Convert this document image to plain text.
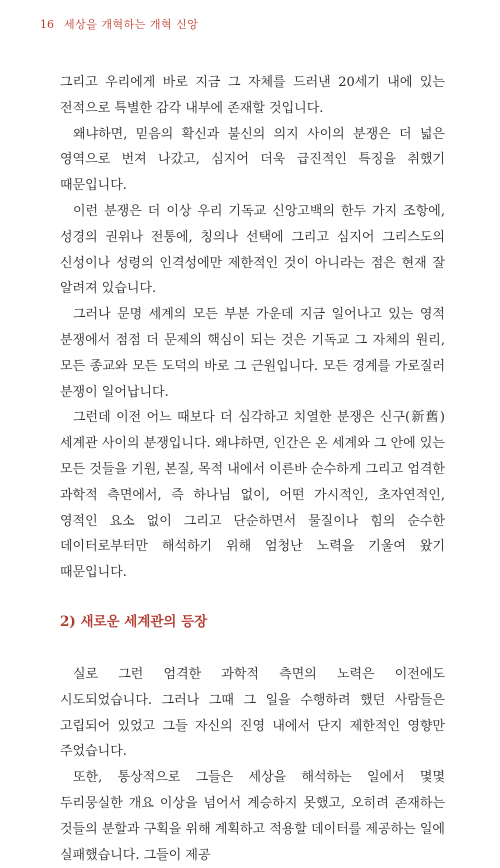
16 세상을 개혁하는 개혁 신앙

그리고 우리에게 바로 지금 그 자체를 드러낸 20세기 내에 있는 전적으로 특별한 감각 내부에 존재할 것입니다.

왜냐하면, 믿음의 확신과 불신의 의지 사이의 분쟁은 더 넓은 영역으로 번져 나갔고, 심지어 더욱 급진적인 특징을 취했기 때문입니다.

이런 분쟁은 더 이상 우리 기독교 신앙고백의 한두 가지 조항에, 성경의 권위나 전통에, 칭의나 선택에 그리고 심지어 그리스도의 신성이나 성령의 인격성에만 제한적인 것이 아니라는 점은 현재 잘 알려져 있습니다.

그러나 문명 세계의 모든 부분 가운데 지금 일어나고 있는 영적 분쟁에서 점점 더 문제의 핵심이 되는 것은 기독교 그 자체의 원리, 모든 종교와 모든 도덕의 바로 그 근원입니다. 모든 경계를 가로질러 분쟁이 일어납니다.

그런데 이전 어느 때보다 더 심각하고 치열한 분쟁은 신구(新舊) 세계관 사이의 분쟁입니다. 왜냐하면, 인간은 온 세계와 그 안에 있는 모든 것들을 기원, 본질, 목적 내에서 이른바 순수하게 그리고 엄격한 과학적 측면에서, 즉 하나님 없이, 어떤 가시적인, 초자연적인, 영적인 요소 없이 그리고 단순하면서 물질이나 힘의 순수한 데이터로부터만 해석하기 위해 엄청난 노력을 기울여 왔기 때문입니다.

2) 새로운 세계관의 등장

실로 그런 엄격한 과학적 측면의 노력은 이전에도 시도되었습니다. 그러나 그때 그 일을 수행하려 했던 사람들은 고립되어 있었고 그들 자신의 진영 내에서 단지 제한적인 영향만 주었습니다.

또한, 통상적으로 그들은 세상을 해석하는 일에서 몇몇 두리뭉실한 개요 이상을 넘어서 계승하지 못했고, 오히려 존재하는 것들의 분할과 구획을 위해 계획하고 적용할 데이터를 제공하는 일에 실패했습니다. 그들이 제공
